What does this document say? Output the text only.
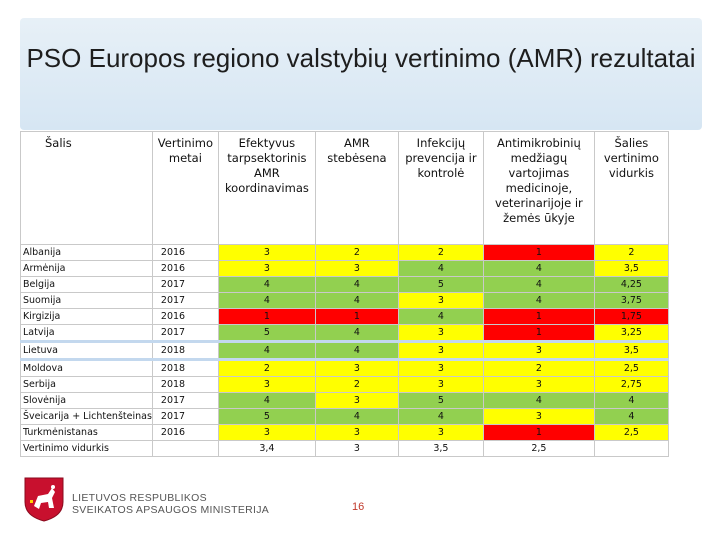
PSO Europos regiono valstybių vertinimo (AMR) rezultatai
Šalis	Vertinimo metai	Efektyvus tarpsektorinis AMR koordinavimas	AMR stebėsena	Infekcijų prevencija ir kontrolė	Antimikrobinių medžiagų vartojimas medicinoje, veterinarijoje ir žemės ūkyje	Šalies vertinimo vidurkis
Albanija	2016	3	2	2	1	2
Armėnija	2016	3	3	4	4	3,5
Belgija	2017	4	4	5	4	4,25
Suomija	2017	4	4	3	4	3,75
Kirgizija	2016	1	1	4	1	1,75
Latvija	2017	5	4	3	1	3,25
Lietuva	2018	4	4	3	3	3,5
Moldova	2018	2	3	3	2	2,5
Serbija	2018	3	2	3	3	2,75
Slovėnija	2017	4	3	5	4	4
Šveicarija + Lichtenšteinas	2017	5	4	4	3	4
Turkmėnistanas	2016	3	3	3	1	2,5
Vertinimo vidurkis		3,4	3	3,5	2,5	
LIETUVOS RESPUBLIKOS
SVEIKATOS APSAUGOS MINISTERIJA	16
